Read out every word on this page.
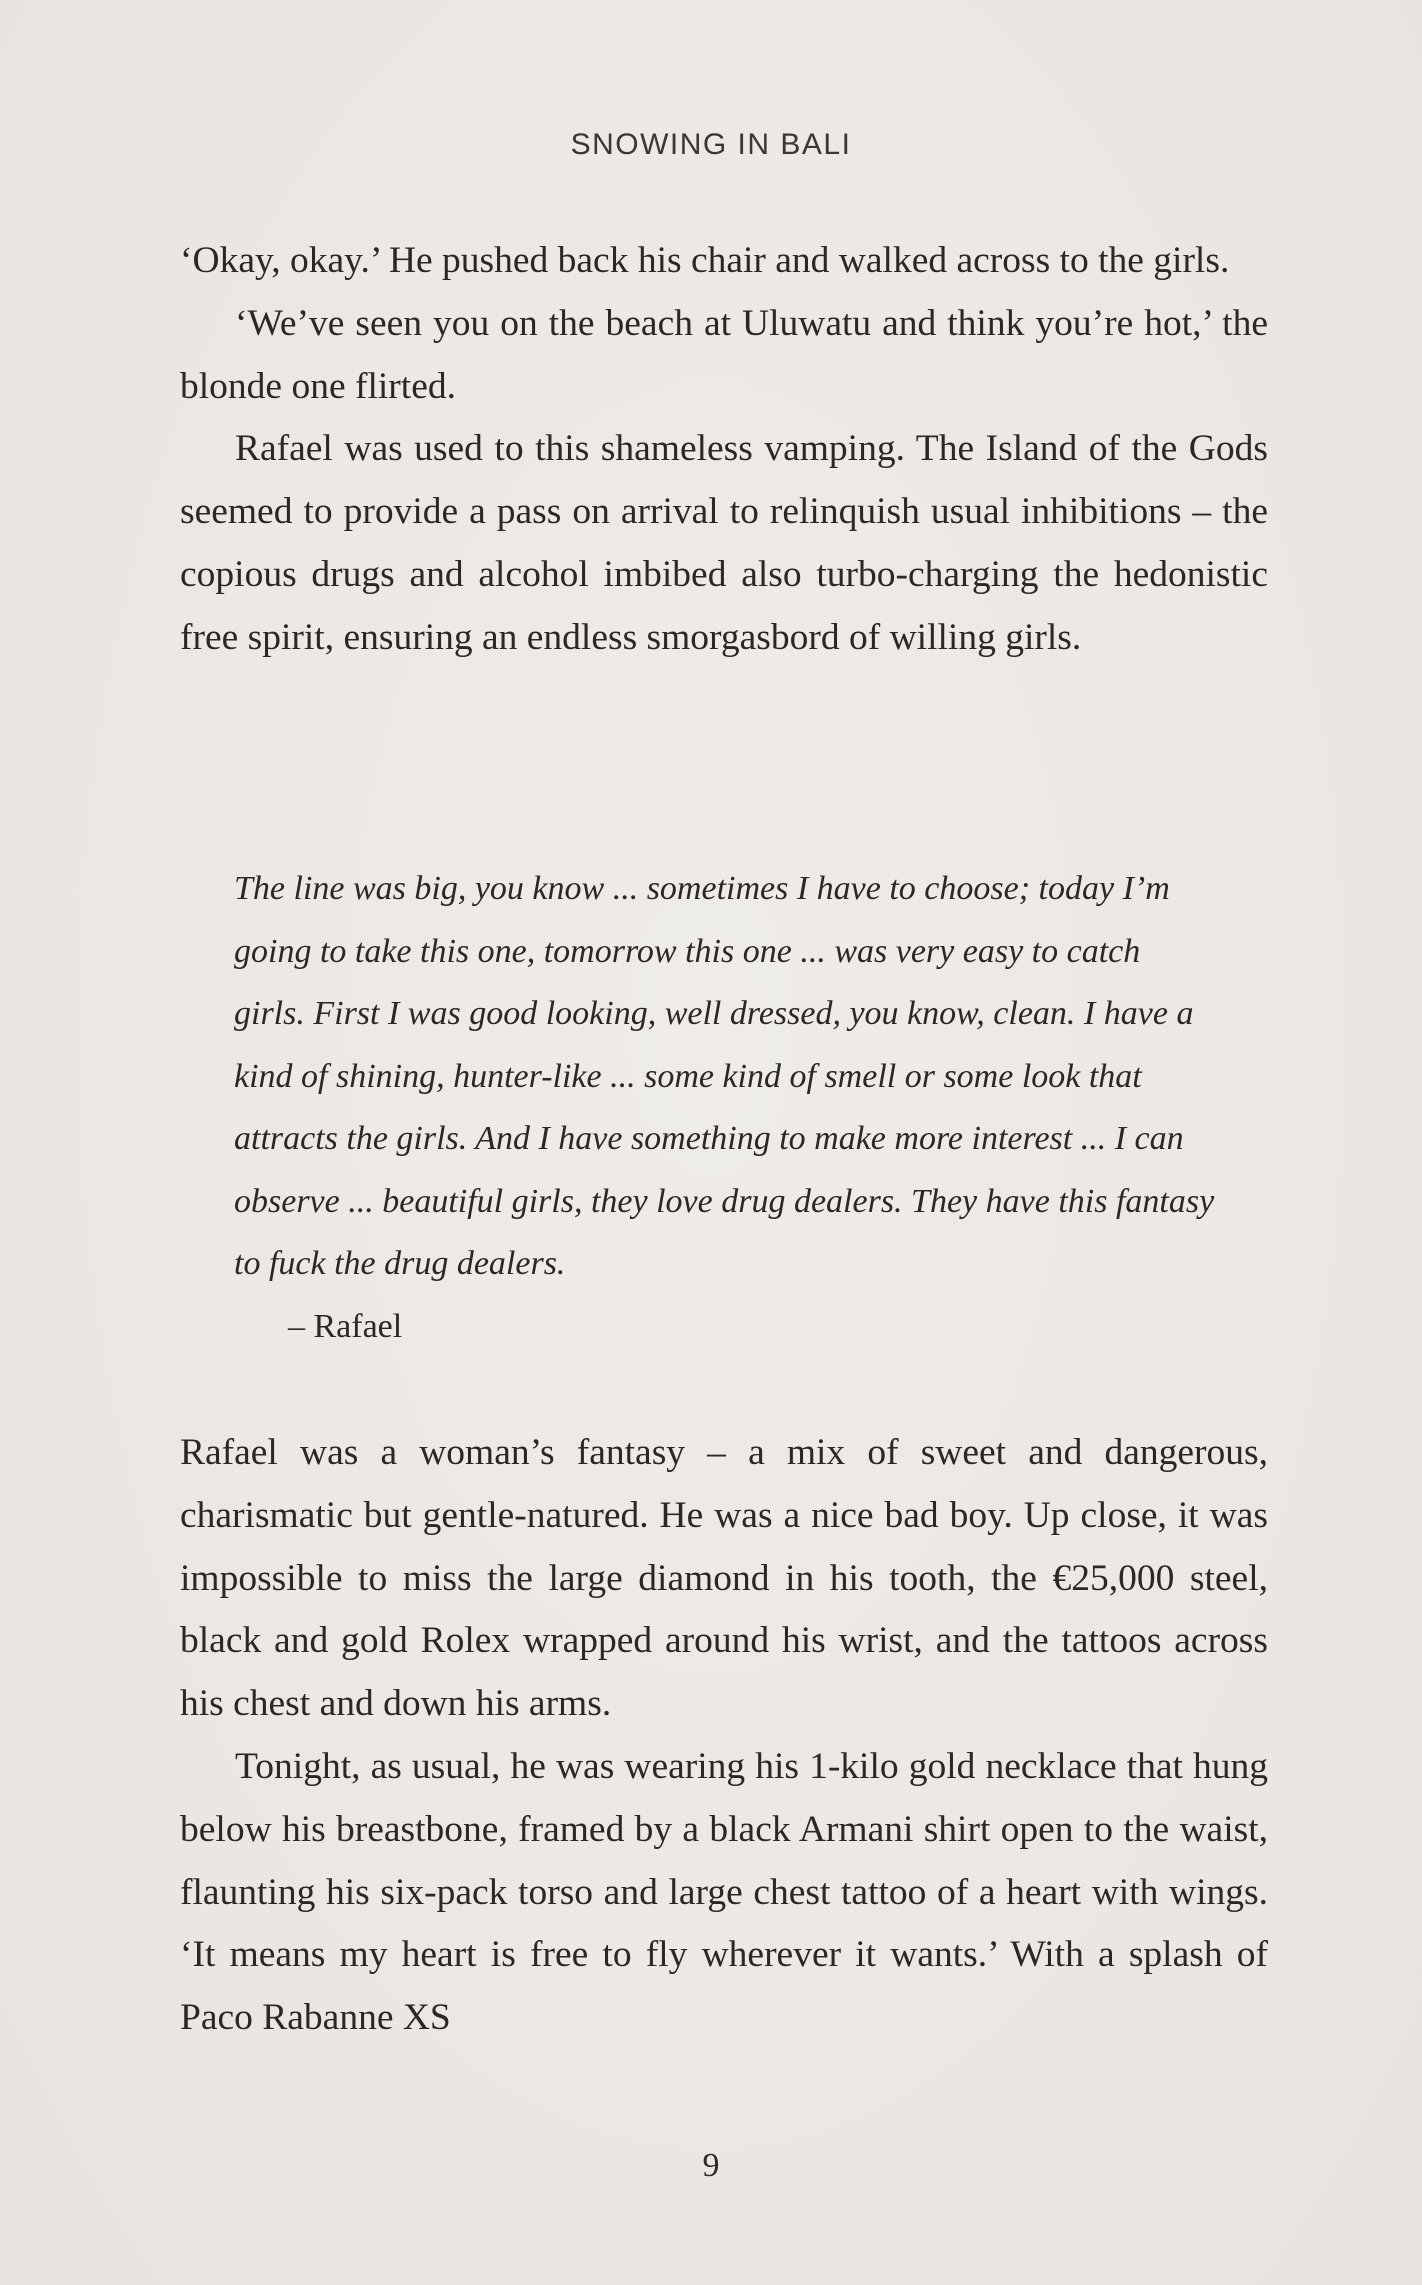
SNOWING IN BALI

‘Okay, okay.’ He pushed back his chair and walked across to the girls.

‘We’ve seen you on the beach at Uluwatu and think you’re hot,’ the blonde one flirted.

Rafael was used to this shameless vamping. The Island of the Gods seemed to provide a pass on arrival to relinquish usual inhibitions – the copious drugs and alcohol imbibed also turbo-charging the hedonistic free spirit, ensuring an endless smorgasbord of willing girls.

The line was big, you know ... sometimes I have to choose; today I’m going to take this one, tomorrow this one ... was very easy to catch girls. First I was good looking, well dressed, you know, clean. I have a kind of shining, hunter-like ... some kind of smell or some look that attracts the girls. And I have something to make more interest ... I can observe ... beautiful girls, they love drug dealers. They have this fantasy to fuck the drug dealers.

– Rafael

Rafael was a woman’s fantasy – a mix of sweet and dangerous, charismatic but gentle-natured. He was a nice bad boy. Up close, it was impossible to miss the large diamond in his tooth, the €25,000 steel, black and gold Rolex wrapped around his wrist, and the tattoos across his chest and down his arms.

Tonight, as usual, he was wearing his 1-kilo gold necklace that hung below his breastbone, framed by a black Armani shirt open to the waist, flaunting his six-pack torso and large chest tattoo of a heart with wings. ‘It means my heart is free to fly wherever it wants.’ With a splash of Paco Rabanne XS

9
